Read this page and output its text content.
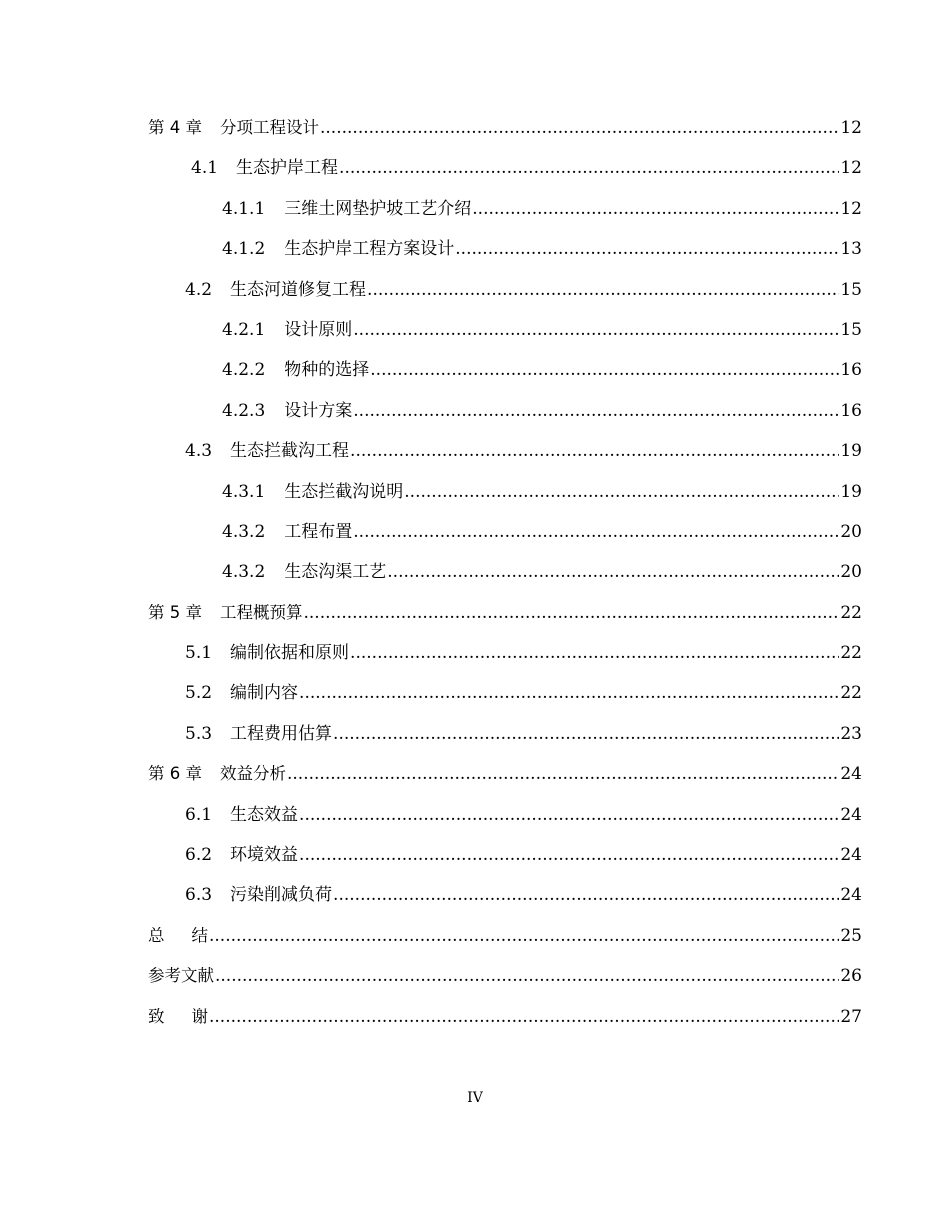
第 4 章 分项工程设计 .....	12
4.1 生态护岸工程 .....	12
4.1.1 三维土网垫护坡工艺介绍 .....	12
4.1.2 生态护岸工程方案设计 .....	13
4.2 生态河道修复工程 .....	15
4.2.1 设计原则 .....	15
4.2.2 物种的选择 .....	16
4.2.3 设计方案 .....	16
4.3 生态拦截沟工程 .....	19
4.3.1 生态拦截沟说明 .....	19
4.3.2 工程布置 .....	20
4.3.2 生态沟渠工艺 .....	20
第 5 章 工程概预算 .....	22
5.1 编制依据和原则 .....	22
5.2 编制内容 .....	22
5.3 工程费用估算 .....	23
第 6 章 效益分析 .....	24
6.1 生态效益 .....	24
6.2 环境效益 .....	24
6.3 污染削减负荷 .....	24
总 结 .....	25
参考文献 .....	26
致 谢 .....	27
IV
